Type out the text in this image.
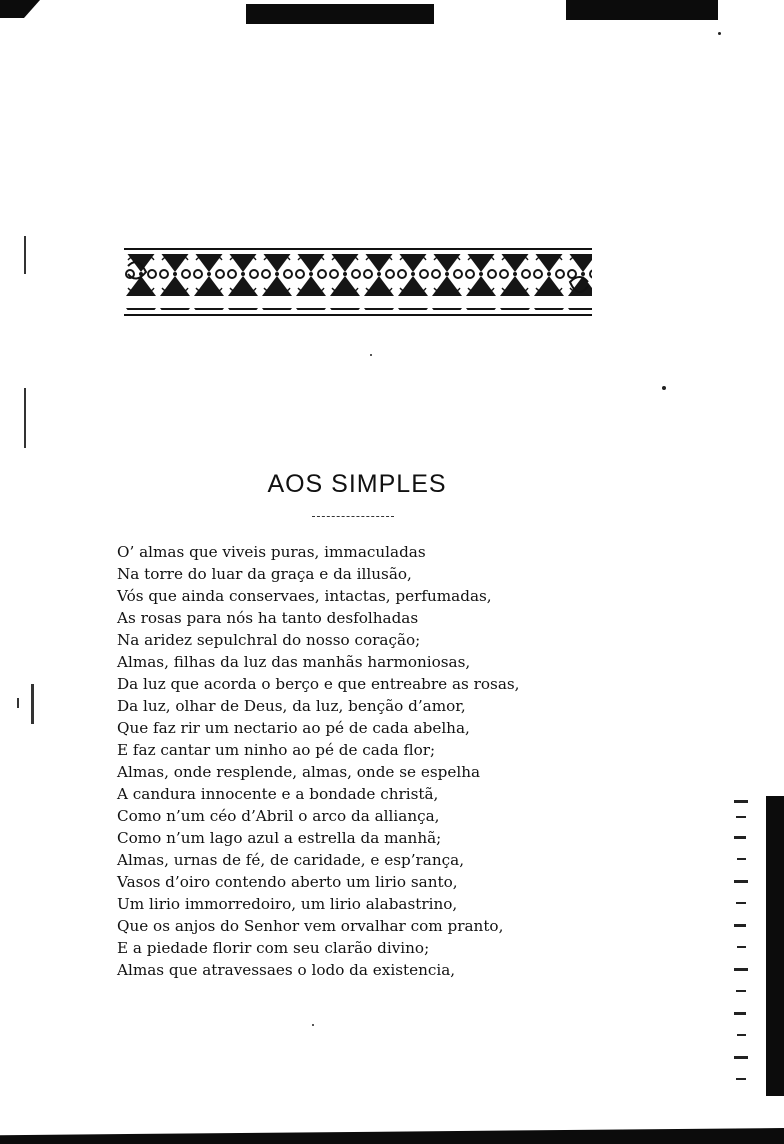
AOS SIMPLES
O’ almas que viveis puras, immaculadas
Na torre do luar da graça e da illusão,
Vós que ainda conservaes, intactas, perfumadas,
As rosas para nós ha tanto desfolhadas
Na aridez sepulchral do nosso coração;
Almas, filhas da luz das manhãs harmoniosas,
Da luz que acorda o berço e que entreabre as rosas,
Da luz, olhar de Deus, da luz, benção d’amor,
Que faz rir um nectario ao pé de cada abelha,
E faz cantar um ninho ao pé de cada flor;
Almas, onde resplende, almas, onde se espelha
A candura innocente e a bondade christã,
Como n’um céo d’Abril o arco da alliança,
Como n’um lago azul a estrella da manhã;
Almas, urnas de fé, de caridade, e esp’rança,
Vasos d’oiro contendo aberto um lirio santo,
Um lirio immorredoiro, um lirio alabastrino,
Que os anjos do Senhor vem orvalhar com pranto,
E a piedade florir com seu clarão divino;
Almas que atravessaes o lodo da existencia,
